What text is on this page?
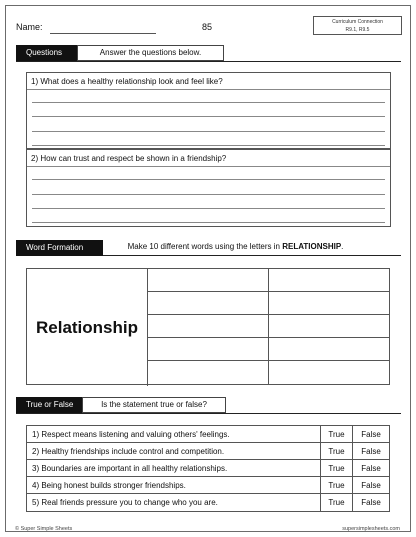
Name:	85	Curriculum Connection
R9.1, R9.5
Questions	Answer the questions below.
1) What does a healthy relationship look and feel like?
2) How can trust and respect be shown in a friendship?
Word Formation	Make 10 different words using the letters in RELATIONSHIP.
Relationship
True or False	Is the statement true or false?
1) Respect means listening and valuing others' feelings.	True	False
2) Healthy friendships include control and competition.	True	False
3) Boundaries are important in all healthy relationships.	True	False
4) Being honest builds stronger friendships.	True	False
5) Real friends pressure you to change who you are.	True	False
© Super Simple Sheets	supersimplesheets.com
